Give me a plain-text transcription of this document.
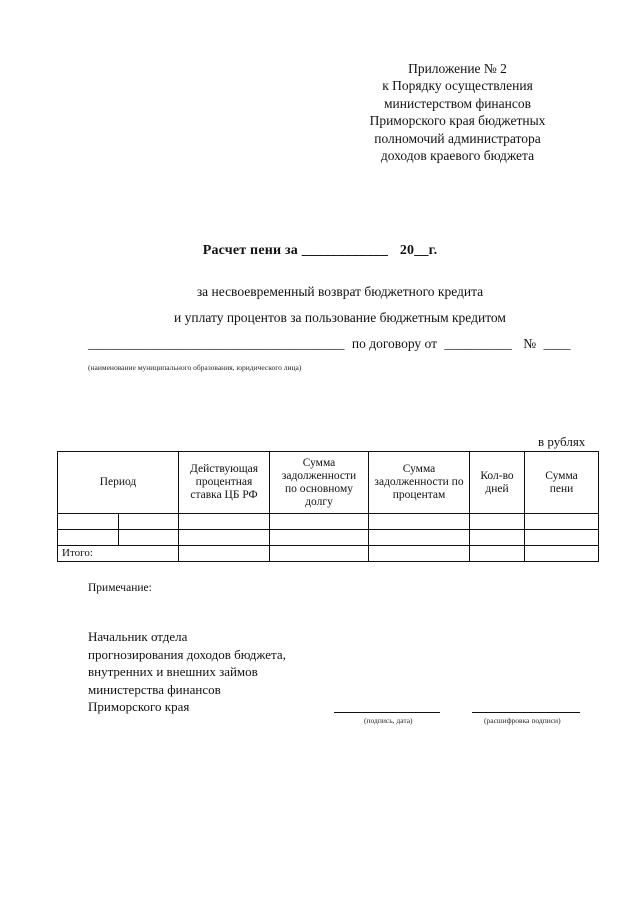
Приложение № 2
к Порядку осуществления
министерством финансов
Приморского края бюджетных
полномочий администратора
доходов краевого бюджета
Расчет пени за ____________ 20__г.
за несвоевременный возврат бюджетного кредита
и уплату процентов за пользование бюджетным кредитом
______________________________________ по договору от __________ № ____
(наименование муниципального образования, юридического лица)
в рублях
Период		Действующая процентная ставка ЦБ РФ	Сумма задолженности по основному долгу	Сумма задолженности по процентам	Кол-во дней	Сумма пени

Итого:						
Примечание:
Начальник отдела
прогнозирования доходов бюджета,
внутренних и внешних займов
министерства финансов
Приморского края
(подпись, дата)	(расшифровка подписи)
